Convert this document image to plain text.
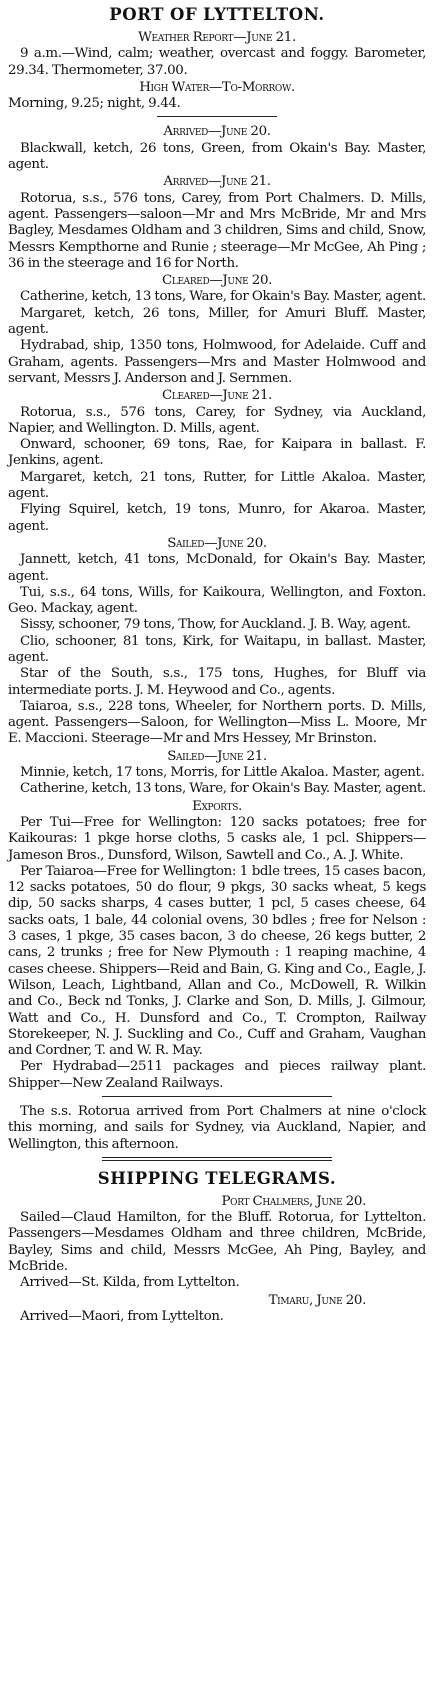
PORT OF LYTTELTON.
Weather Report—June 21.

9 a.m.—Wind, calm; weather, overcast and foggy. Barometer, 29.34. Thermometer, 37.00.

High Water—To-Morrow.

Morning, 9.25; night, 9.44.

Arrived—June 20.

Blackwall, ketch, 26 tons, Green, from Okain's Bay. Master, agent.

Arrived—June 21.

Rotorua, s.s., 576 tons, Carey, from Port Chalmers. D. Mills, agent. Passengers—saloon—Mr and Mrs McBride, Mr and Mrs Bagley, Mesdames Oldham and 3 children, Sims and child, Snow, Messrs Kempthorne and Runie ; steerage—Mr McGee, Ah Ping ; 36 in the steerage and 16 for North.

Cleared—June 20.

Catherine, ketch, 13 tons, Ware, for Okain's Bay. Master, agent.

Margaret, ketch, 26 tons, Miller, for Amuri Bluff. Master, agent.

Hydrabad, ship, 1350 tons, Holmwood, for Adelaide. Cuff and Graham, agents. Passengers—Mrs and Master Holmwood and servant, Messrs J. Anderson and J. Sernmen.

Cleared—June 21.

Rotorua, s.s., 576 tons, Carey, for Sydney, via Auckland, Napier, and Wellington. D. Mills, agent.

Onward, schooner, 69 tons, Rae, for Kaipara in ballast. F. Jenkins, agent.

Margaret, ketch, 21 tons, Rutter, for Little Akaloa. Master, agent.

Flying Squirel, ketch, 19 tons, Munro, for Akaroa. Master, agent.

Sailed—June 20.

Jannett, ketch, 41 tons, McDonald, for Okain's Bay. Master, agent.

Tui, s.s., 64 tons, Wills, for Kaikoura, Wellington, and Foxton. Geo. Mackay, agent.

Sissy, schooner, 79 tons, Thow, for Auckland. J. B. Way, agent.

Clio, schooner, 81 tons, Kirk, for Waitapu, in ballast. Master, agent.

Star of the South, s.s., 175 tons, Hughes, for Bluff via intermediate ports. J. M. Heywood and Co., agents.

Taiaroa, s.s., 228 tons, Wheeler, for Northern ports. D. Mills, agent. Passengers—Saloon, for Wellington—Miss L. Moore, Mr E. Maccioni. Steerage—Mr and Mrs Hessey, Mr Brinston.

Sailed—June 21.

Minnie, ketch, 17 tons, Morris, for Little Akaloa. Master, agent.

Catherine, ketch, 13 tons, Ware, for Okain's Bay. Master, agent.

Exports.

Per Tui—Free for Wellington: 120 sacks potatoes; free for Kaikouras: 1 pkge horse cloths, 5 casks ale, 1 pcl. Shippers—Jameson Bros., Dunsford, Wilson, Sawtell and Co., A. J. White.

Per Taiaroa—Free for Wellington: 1 bdle trees, 15 cases bacon, 12 sacks potatoes, 50 do flour, 9 pkgs, 30 sacks wheat, 5 kegs dip, 50 sacks sharps, 4 cases butter, 1 pcl, 5 cases cheese, 64 sacks oats, 1 bale, 44 colonial ovens, 30 bdles ; free for Nelson : 3 cases, 1 pkge, 35 cases bacon, 3 do cheese, 26 kegs butter, 2 cans, 2 trunks ; free for New Plymouth : 1 reaping machine, 4 cases cheese. Shippers—Reid and Bain, G. King and Co., Eagle, J. Wilson, Leach, Lightband, Allan and Co., McDowell, R. Wilkin and Co., Beck nd Tonks, J. Clarke and Son, D. Mills, J. Gilmour, Watt and Co., H. Dunsford and Co., T. Crompton, Railway Storekeeper, N. J. Suckling and Co., Cuff and Graham, Vaughan and Cordner, T. and W. R. May.

Per Hydrabad—2511 packages and pieces railway plant. Shipper—New Zealand Railways.

The s.s. Rotorua arrived from Port Chalmers at nine o'clock this morning, and sails for Sydney, via Auckland, Napier, and Wellington, this afternoon.

SHIPPING TELEGRAMS.
Port Chalmers, June 20.

Sailed—Claud Hamilton, for the Bluff. Rotorua, for Lyttelton. Passengers—Mesdames Oldham and three children, McBride, Bayley, Sims and child, Messrs McGee, Ah Ping, Bayley, and McBride.

Arrived—St. Kilda, from Lyttelton.

Timaru, June 20.

Arrived—Maori, from Lyttelton.
